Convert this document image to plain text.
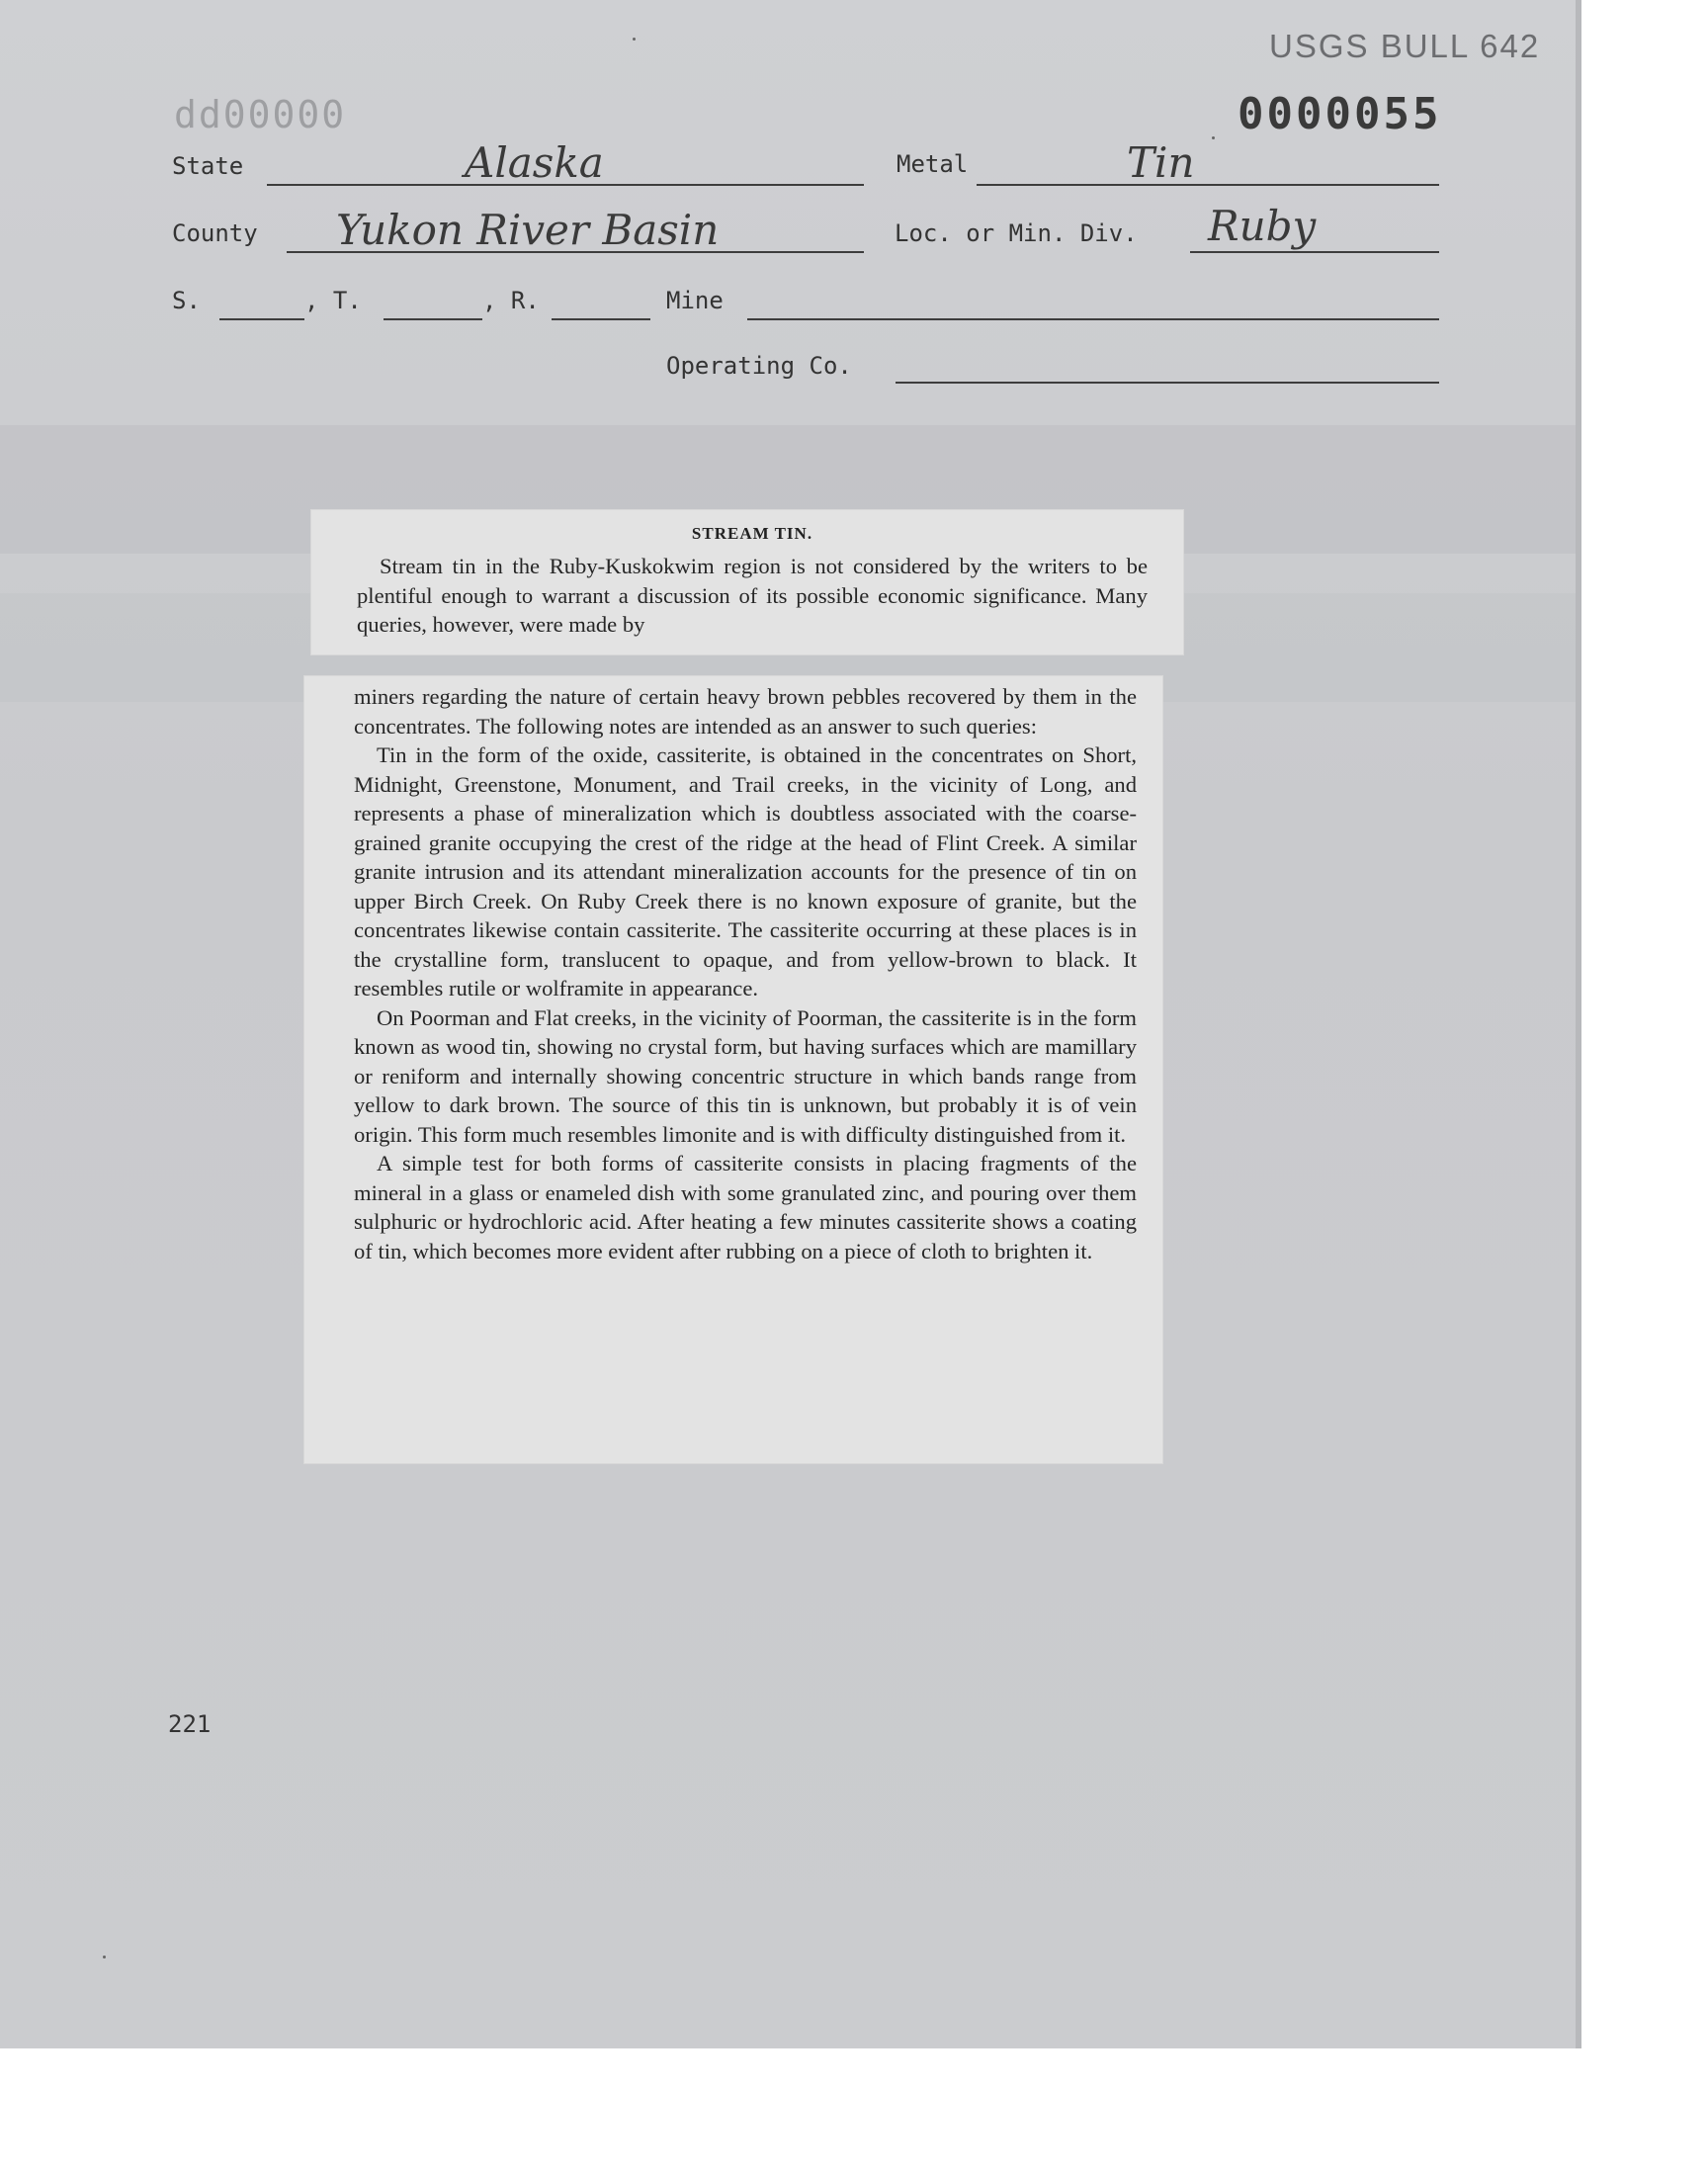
USGS BULL 642
dd00000	0000055
State	Alaska	Metal	Tin
County Yukon River Basin	Loc. or Min. Div. Ruby
S.	, T.	, R.	Mine
Operating Co.
STREAM TIN.

Stream tin in the Ruby-Kuskokwim region is not considered by the writers to be plentiful enough to warrant a discussion of its possible economic significance. Many queries, however, were made by

miners regarding the nature of certain heavy brown pebbles recovered by them in the concentrates. The following notes are intended as an answer to such queries:

Tin in the form of the oxide, cassiterite, is obtained in the concentrates on Short, Midnight, Greenstone, Monument, and Trail creeks, in the vicinity of Long, and represents a phase of mineralization which is doubtless associated with the coarse-grained granite occupying the crest of the ridge at the head of Flint Creek. A similar granite intrusion and its attendant mineralization accounts for the presence of tin on upper Birch Creek. On Ruby Creek there is no known exposure of granite, but the concentrates likewise contain cassiterite. The cassiterite occurring at these places is in the crystalline form, translucent to opaque, and from yellow-brown to black. It resembles rutile or wolframite in appearance.

On Poorman and Flat creeks, in the vicinity of Poorman, the cassiterite is in the form known as wood tin, showing no crystal form, but having surfaces which are mamillary or reniform and internally showing concentric structure in which bands range from yellow to dark brown. The source of this tin is unknown, but probably it is of vein origin. This form much resembles limonite and is with difficulty distinguished from it.

A simple test for both forms of cassiterite consists in placing fragments of the mineral in a glass or enameled dish with some granulated zinc, and pouring over them sulphuric or hydrochloric acid. After heating a few minutes cassiterite shows a coating of tin, which becomes more evident after rubbing on a piece of cloth to brighten it.

221
